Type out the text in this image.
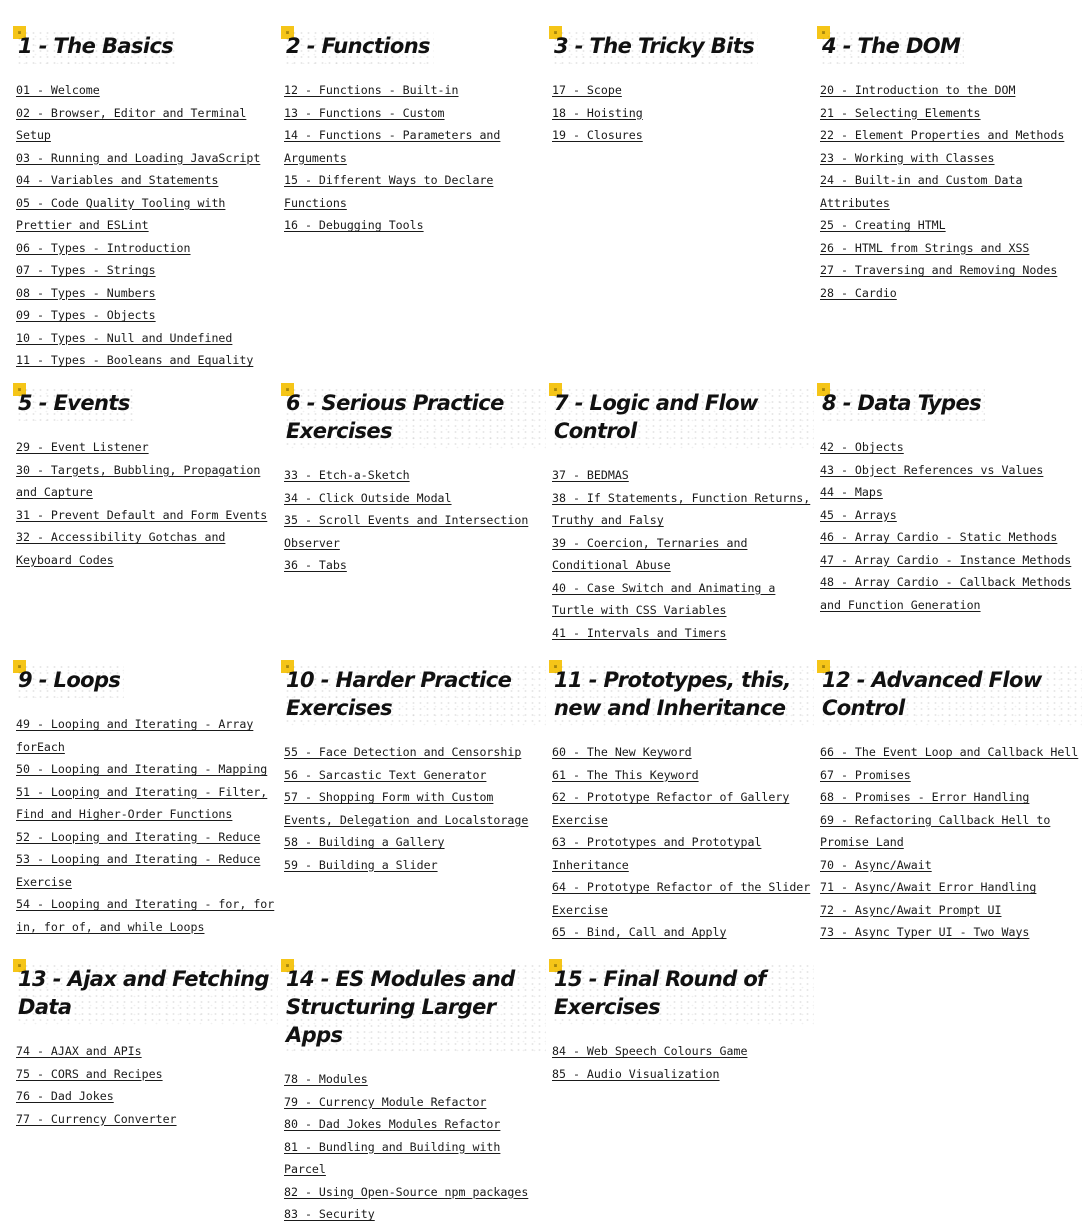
1 - The Basics
01 - Welcome
02 - Browser, Editor and Terminal Setup
03 - Running and Loading JavaScript
04 - Variables and Statements
05 - Code Quality Tooling with Prettier and ESLint
06 - Types - Introduction
07 - Types - Strings
08 - Types - Numbers
09 - Types - Objects
10 - Types - Null and Undefined
11 - Types - Booleans and Equality
2 - Functions
12 - Functions - Built-in
13 - Functions - Custom
14 - Functions - Parameters and Arguments
15 - Different Ways to Declare Functions
16 - Debugging Tools
3 - The Tricky Bits
17 - Scope
18 - Hoisting
19 - Closures
4 - The DOM
20 - Introduction to the DOM
21 - Selecting Elements
22 - Element Properties and Methods
23 - Working with Classes
24 - Built-in and Custom Data Attributes
25 - Creating HTML
26 - HTML from Strings and XSS
27 - Traversing and Removing Nodes
28 - Cardio
5 - Events
29 - Event Listener
30 - Targets, Bubbling, Propagation and Capture
31 - Prevent Default and Form Events
32 - Accessibility Gotchas and Keyboard Codes
6 - Serious Practice Exercises
33 - Etch-a-Sketch
34 - Click Outside Modal
35 - Scroll Events and Intersection Observer
36 - Tabs
7 - Logic and Flow Control
37 - BEDMAS
38 - If Statements, Function Returns, Truthy and Falsy
39 - Coercion, Ternaries and Conditional Abuse
40 - Case Switch and Animating a Turtle with CSS Variables
41 - Intervals and Timers
8 - Data Types
42 - Objects
43 - Object References vs Values
44 - Maps
45 - Arrays
46 - Array Cardio - Static Methods
47 - Array Cardio - Instance Methods
48 - Array Cardio - Callback Methods and Function Generation
9 - Loops
49 - Looping and Iterating - Array forEach
50 - Looping and Iterating - Mapping
51 - Looping and Iterating - Filter, Find and Higher-Order Functions
52 - Looping and Iterating - Reduce
53 - Looping and Iterating - Reduce Exercise
54 - Looping and Iterating - for, for in, for of, and while Loops
10 - Harder Practice Exercises
55 - Face Detection and Censorship
56 - Sarcastic Text Generator
57 - Shopping Form with Custom Events, Delegation and Localstorage
58 - Building a Gallery
59 - Building a Slider
11 - Prototypes, this, new and Inheritance
60 - The New Keyword
61 - The This Keyword
62 - Prototype Refactor of Gallery Exercise
63 - Prototypes and Prototypal Inheritance
64 - Prototype Refactor of the Slider Exercise
65 - Bind, Call and Apply
12 - Advanced Flow Control
66 - The Event Loop and Callback Hell
67 - Promises
68 - Promises - Error Handling
69 - Refactoring Callback Hell to Promise Land
70 - Async/Await
71 - Async/Await Error Handling
72 - Async/Await Prompt UI
73 - Async Typer UI - Two Ways
13 - Ajax and Fetching Data
74 - AJAX and APIs
75 - CORS and Recipes
76 - Dad Jokes
77 - Currency Converter
14 - ES Modules and Structuring Larger Apps
78 - Modules
79 - Currency Module Refactor
80 - Dad Jokes Modules Refactor
81 - Bundling and Building with Parcel
82 - Using Open-Source npm packages
83 - Security
15 - Final Round of Exercises
84 - Web Speech Colours Game
85 - Audio Visualization
